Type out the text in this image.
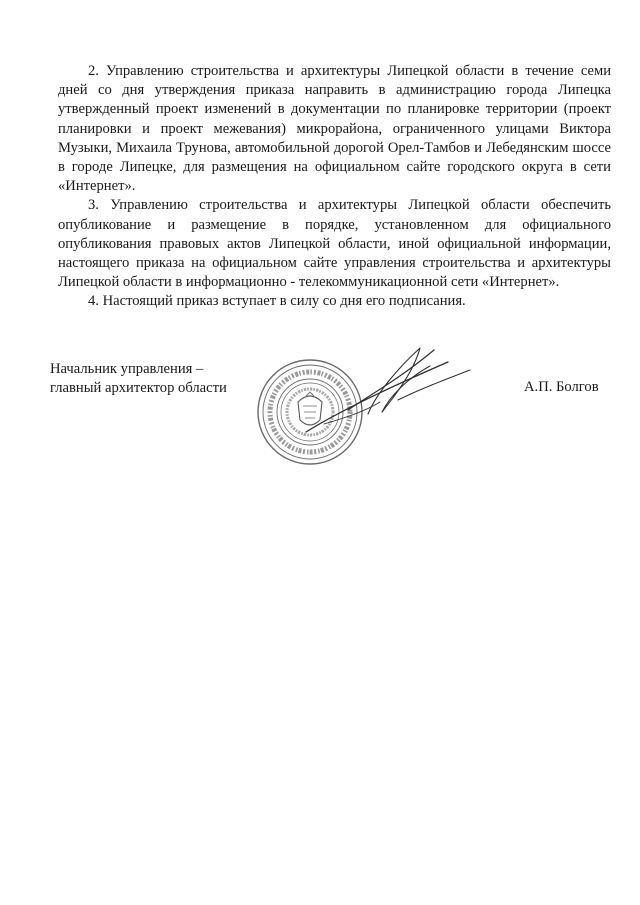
2. Управлению строительства и архитектуры Липецкой области в течение семи дней со дня утверждения приказа направить в администрацию города Липецка утвержденный проект изменений в документации по планировке территории (проект планировки и проект межевания) микрорайона, ограниченного улицами Виктора Музыки, Михаила Трунова, автомобильной дорогой Орел-Тамбов и Лебедянским шоссе в городе Липецке, для размещения на официальном сайте городского округа в сети «Интернет».

3. Управлению строительства и архитектуры Липецкой области обеспечить опубликование и размещение в порядке, установленном для официального опубликования правовых актов Липецкой области, иной официальной информации, настоящего приказа на официальном сайте управления строительства и архитектуры Липецкой области в информационно - телекоммуникационной сети «Интернет».

4. Настоящий приказ вступает в силу со дня его подписания.

Начальник управления –
главный архитектор области	А.П. Болгов
